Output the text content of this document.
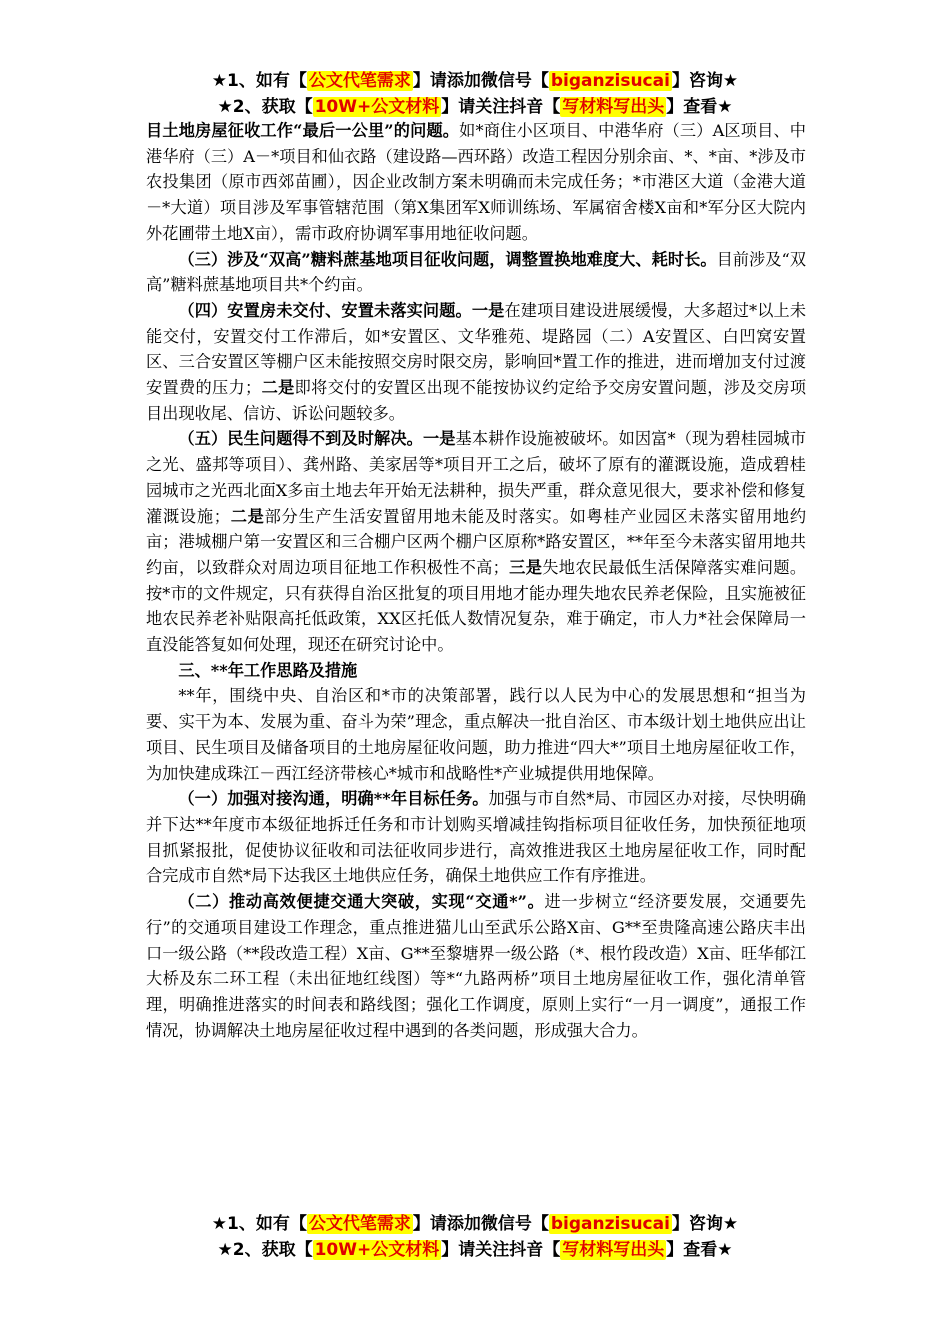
★1、如有【 公文代笔需求 】请添加微信号【 biganzisucai 】咨询★
★2、获取【 10W+公文材料 】请关注抖音【 写材料写出头 】查看★

目土地房屋征收工作“最后一公里”的问题。如*商住小区项目、中港华府（三）A区项目、中港华府（三）A－*项目和仙衣路（建设路—西环路）改造工程因分别余亩、*、*亩、*涉及市农投集团（原市西郊苗圃），因企业改制方案未明确而未完成任务；*市港区大道（金港大道－*大道）项目涉及军事管辖范围（第X集团军X师训练场、军属宿舍楼X亩和*军分区大院内外花圃带土地X亩），需市政府协调军事用地征收问题。

（三）涉及“双高”糖料蔗基地项目征收问题，调整置换地难度大、耗时长。目前涉及“双高”糖料蔗基地项目共*个约亩。

（四）安置房未交付、安置未落实问题。一是在建项目建设进展缓慢，大多超过*以上未能交付，安置交付工作滞后，如*安置区、文华雅苑、堤路园（二）A安置区、白凹窝安置区、三合安置区等棚户区未能按照交房时限交房，影响回*置工作的推进，进而增加支付过渡安置费的压力；二是即将交付的安置区出现不能按协议约定给予交房安置问题，涉及交房项目出现收尾、信访、诉讼问题较多。

（五）民生问题得不到及时解决。一是基本耕作设施被破坏。如因富*（现为碧桂园城市之光、盛邦等项目）、龚州路、美家居等*项目开工之后，破坏了原有的灌溉设施，造成碧桂园城市之光西北面X多亩土地去年开始无法耕种，损失严重，群众意见很大，要求补偿和修复灌溉设施；二是部分生产生活安置留用地未能及时落实。如粤桂产业园区未落实留用地约亩；港城棚户第一安置区和三合棚户区两个棚户区原称*路安置区，**年至今未落实留用地共约亩，以致群众对周边项目征地工作积极性不高；三是失地农民最低生活保障落实难问题。按*市的文件规定，只有获得自治区批复的项目用地才能办理失地农民养老保险，且实施被征地农民养老补贴限高托低政策，XX区托低人数情况复杂，难于确定，市人力*社会保障局一直没能答复如何处理，现还在研究讨论中。

三、**年工作思路及措施

**年，围绕中央、自治区和*市的决策部署，践行以人民为中心的发展思想和“担当为要、实干为本、发展为重、奋斗为荣”理念，重点解决一批自治区、市本级计划土地供应出让项目、民生项目及储备项目的土地房屋征收问题，助力推进“四大*”项目土地房屋征收工作，为加快建成珠江－西江经济带核心*城市和战略性*产业城提供用地保障。

（一）加强对接沟通，明确**年目标任务。加强与市自然*局、市园区办对接，尽快明确并下达**年度市本级征地拆迁任务和市计划购买增减挂钩指标项目征收任务，加快预征地项目抓紧报批，促使协议征收和司法征收同步进行，高效推进我区土地房屋征收工作，同时配合完成市自然*局下达我区土地供应任务，确保土地供应工作有序推进。

（二）推动高效便捷交通大突破，实现“交通*”。进一步树立“经济要发展，交通要先行”的交通项目建设工作理念，重点推进猫儿山至武乐公路X亩、G**至贵隆高速公路庆丰出口一级公路（**段改造工程）X亩、G**至黎塘界一级公路（*、根竹段改造）X亩、旺华郁江大桥及东二环工程（未出征地红线图）等*“九路两桥”项目土地房屋征收工作，强化清单管理，明确推进落实的时间表和路线图；强化工作调度，原则上实行“一月一调度”，通报工作情况，协调解决土地房屋征收过程中遇到的各类问题，形成强大合力。

★1、如有【 公文代笔需求 】请添加微信号【 biganzisucai 】咨询★
★2、获取【 10W+公文材料 】请关注抖音【 写材料写出头 】查看★
